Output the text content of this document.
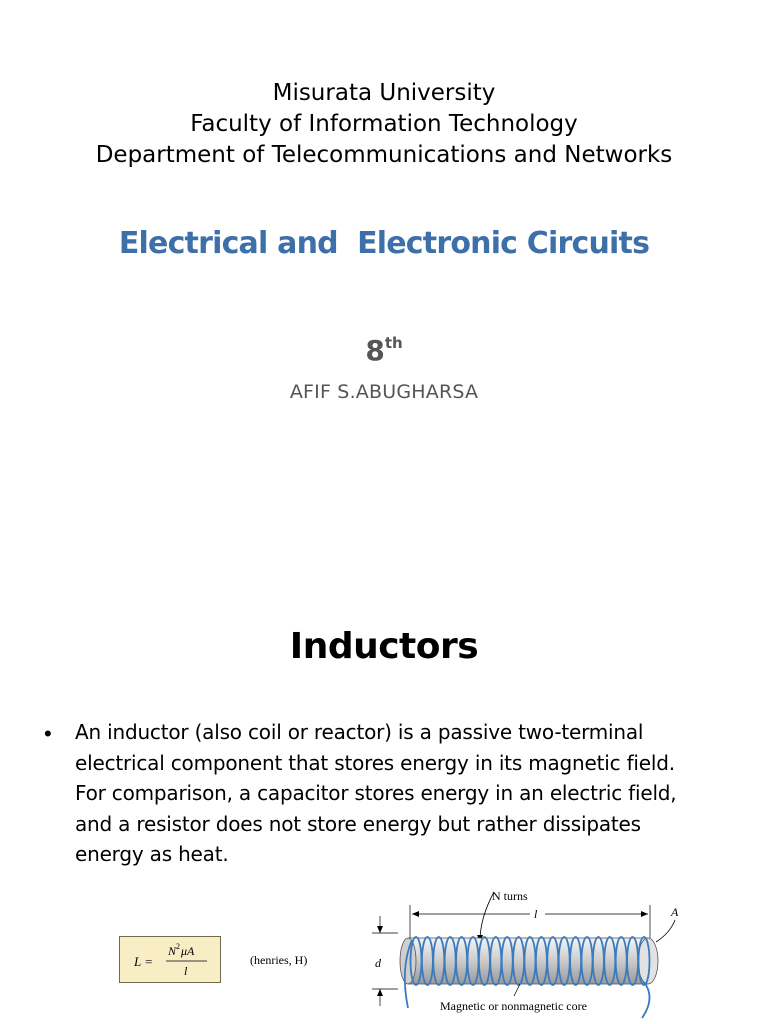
Misurata University
Faculty of Information Technology
Department of Telecommunications and Networks
Electrical and  Electronic Circuits
8th
AFIF S.ABUGHARSA
Inductors
• An inductor (also coil or reactor) is a passive two-terminal
electrical component that stores energy in its magnetic field.
For comparison, a capacitor stores energy in an electric field,
and a resistor does not store energy but rather dissipates
energy as heat.
L =
N 2 μA
l
(henries, H)
N turns
l	A
d
Magnetic or nonmagnetic core
